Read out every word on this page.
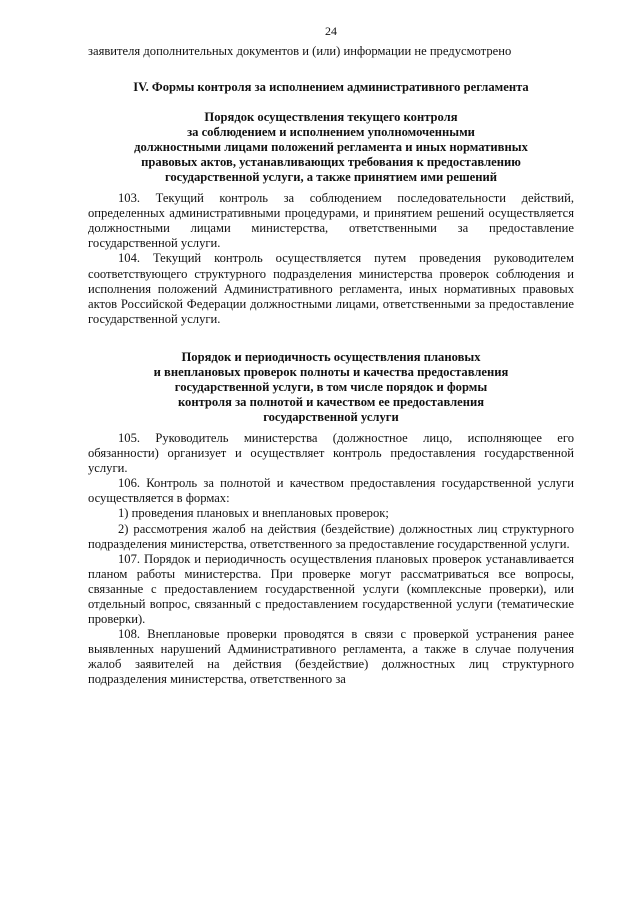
24

заявителя дополнительных документов и (или) информации не предусмотрено

IV. Формы контроля за исполнением административного регламента
Порядок осуществления текущего контроля
за соблюдением и исполнением уполномоченными
должностными лицами положений регламента и иных нормативных
правовых актов, устанавливающих требования к предоставлению
государственной услуги, а также принятием ими решений

103. Текущий контроль за соблюдением последовательности действий, определенных административными процедурами, и принятием решений осуществляется должностными лицами министерства, ответственными за предоставление государственной услуги.

104. Текущий контроль осуществляется путем проведения руководителем соответствующего структурного подразделения министерства проверок соблюдения и исполнения положений Административного регламента, иных нормативных правовых актов Российской Федерации должностными лицами, ответственными за предоставление государственной услуги.

Порядок и периодичность осуществления плановых
и внеплановых проверок полноты и качества предоставления
государственной услуги, в том числе порядок и формы
контроля за полнотой и качеством ее предоставления
государственной услуги

105. Руководитель министерства (должностное лицо, исполняющее его обязанности) организует и осуществляет контроль предоставления государственной услуги.

106. Контроль за полнотой и качеством предоставления государственной услуги осуществляется в формах:

1) проведения плановых и внеплановых проверок;

2) рассмотрения жалоб на действия (бездействие) должностных лиц структурного подразделения министерства, ответственного за предоставление государственной услуги.

107. Порядок и периодичность осуществления плановых проверок устанавливается планом работы министерства. При проверке могут рассматриваться все вопросы, связанные с предоставлением государственной услуги (комплексные проверки), или отдельный вопрос, связанный с предоставлением государственной услуги (тематические проверки).

108. Внеплановые проверки проводятся в связи с проверкой устранения ранее выявленных нарушений Административного регламента, а также в случае получения жалоб заявителей на действия (бездействие) должностных лиц структурного подразделения министерства, ответственного за
